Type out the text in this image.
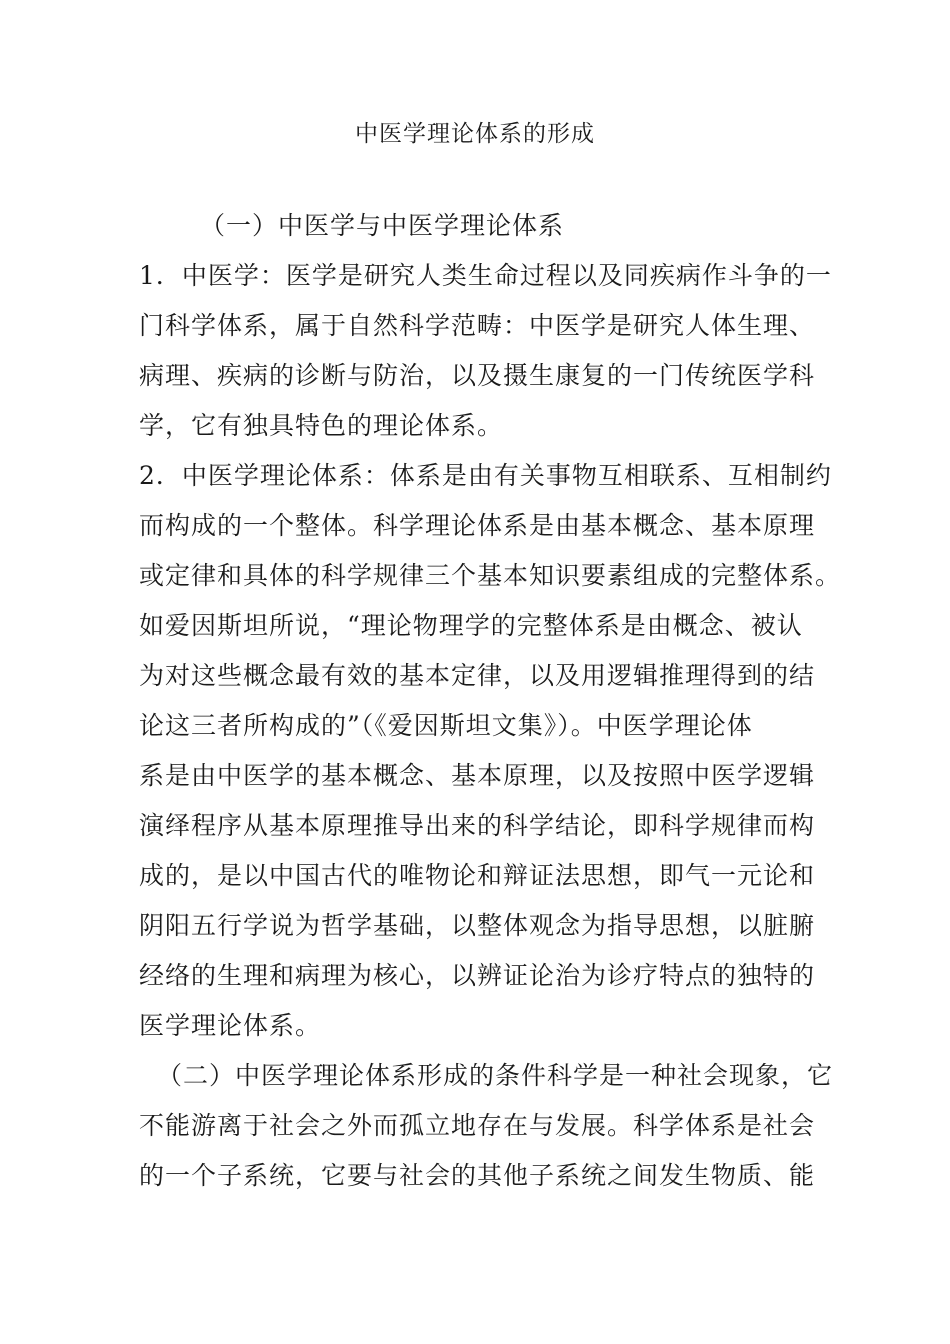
中医学理论体系的形成
（一）中医学与中医学理论体系
1．中医学：医学是研究人类生命过程以及同疾病作斗争的一
门科学体系，属于自然科学范畴：中医学是研究人体生理、
病理、疾病的诊断与防治，以及摄生康复的一门传统医学科
学，它有独具特色的理论体系。
2．中医学理论体系：体系是由有关事物互相联系、互相制约
而构成的一个整体。科学理论体系是由基本概念、基本原理
或定律和具体的科学规律三个基本知识要素组成的完整体系。
如爱因斯坦所说，“理论物理学的完整体系是由概念、被认
为对这些概念最有效的基本定律，以及用逻辑推理得到的结
论这三者所构成的”（《爱因斯坦文集》）。中医学理论体
系是由中医学的基本概念、基本原理，以及按照中医学逻辑
演绎程序从基本原理推导出来的科学结论，即科学规律而构
成的，是以中国古代的唯物论和辩证法思想，即气一元论和
阴阳五行学说为哲学基础，以整体观念为指导思想，以脏腑
经络的生理和病理为核心，以辨证论治为诊疗特点的独特的
医学理论体系。
（二）中医学理论体系形成的条件科学是一种社会现象，它
不能游离于社会之外而孤立地存在与发展。科学体系是社会
的一个子系统，它要与社会的其他子系统之间发生物质、能
